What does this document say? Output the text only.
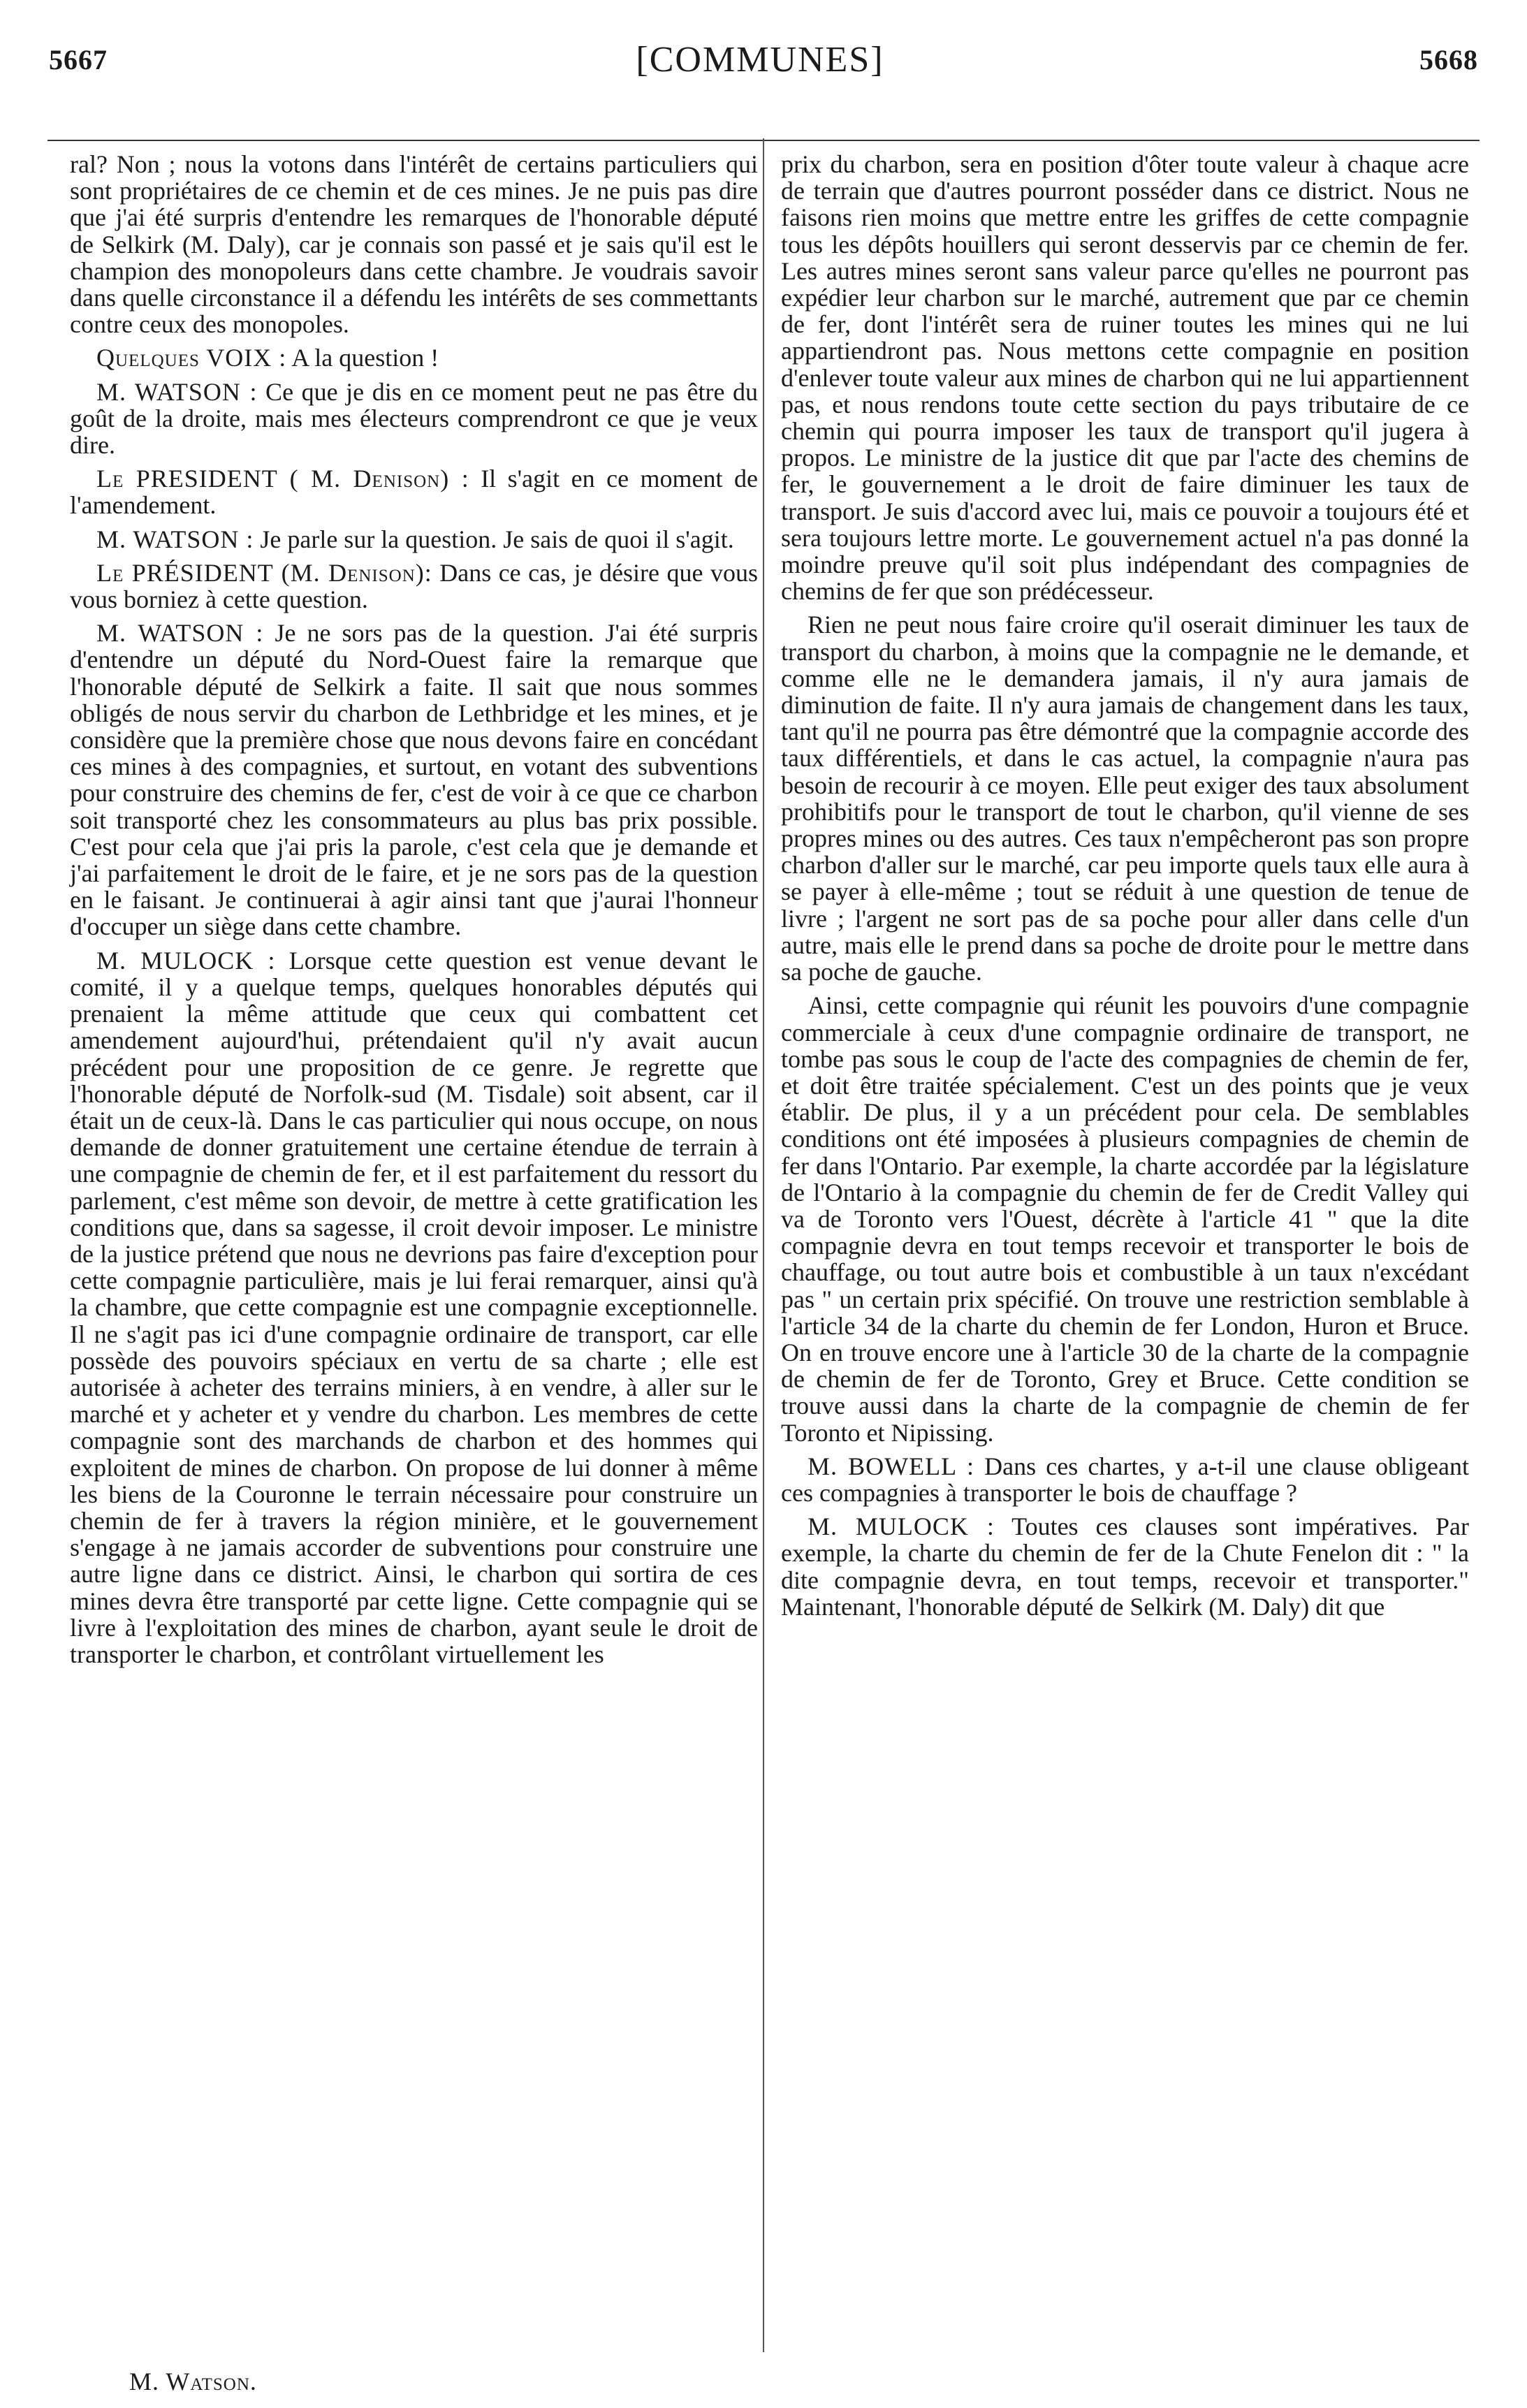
5667	[COMMUNES]	5668

ral? Non ; nous la votons dans l'intérêt de certains particuliers qui sont propriétaires de ce chemin et de ces mines. Je ne puis pas dire que j'ai été surpris d'entendre les remarques de l'honorable député de Selkirk (M. Daly), car je connais son passé et je sais qu'il est le champion des monopoleurs dans cette chambre. Je voudrais savoir dans quelle circonstance il a défendu les intérêts de ses commettants contre ceux des monopoles.

Quelques VOIX : A la question !

M. WATSON : Ce que je dis en ce moment peut ne pas être du goût de la droite, mais mes électeurs comprendront ce que je veux dire.

Le PRESIDENT ( M. Denison) : Il s'agit en ce moment de l'amendement.

M. WATSON : Je parle sur la question. Je sais de quoi il s'agit.

Le PRÉSIDENT (M. Denison): Dans ce cas, je désire que vous vous borniez à cette question.

M. WATSON : Je ne sors pas de la question. J'ai été surpris d'entendre un député du Nord-Ouest faire la remarque que l'honorable député de Selkirk a faite. Il sait que nous sommes obligés de nous servir du charbon de Lethbridge et les mines, et je considère que la première chose que nous devons faire en concédant ces mines à des compagnies, et surtout, en votant des subventions pour construire des chemins de fer, c'est de voir à ce que ce charbon soit transporté chez les consommateurs au plus bas prix possible. C'est pour cela que j'ai pris la parole, c'est cela que je demande et j'ai parfaitement le droit de le faire, et je ne sors pas de la question en le faisant. Je continuerai à agir ainsi tant que j'aurai l'honneur d'occuper un siège dans cette chambre.

M. MULOCK : Lorsque cette question est venue devant le comité, il y a quelque temps, quelques honorables députés qui prenaient la même attitude que ceux qui combattent cet amendement aujourd'hui, prétendaient qu'il n'y avait aucun précédent pour une proposition de ce genre. Je regrette que l'honorable député de Norfolk-sud (M. Tisdale) soit absent, car il était un de ceux-là. Dans le cas particulier qui nous occupe, on nous demande de donner gratuitement une certaine étendue de terrain à une compagnie de chemin de fer, et il est parfaitement du ressort du parlement, c'est même son devoir, de mettre à cette gratification les conditions que, dans sa sagesse, il croit devoir imposer. Le ministre de la justice prétend que nous ne devrions pas faire d'exception pour cette compagnie particulière, mais je lui ferai remarquer, ainsi qu'à la chambre, que cette compagnie est une compagnie exceptionnelle. Il ne s'agit pas ici d'une compagnie ordinaire de transport, car elle possède des pouvoirs spéciaux en vertu de sa charte ; elle est autorisée à acheter des terrains miniers, à en vendre, à aller sur le marché et y acheter et y vendre du charbon. Les membres de cette compagnie sont des marchands de charbon et des hommes qui exploitent de mines de charbon. On propose de lui donner à même les biens de la Couronne le terrain nécessaire pour construire un chemin de fer à travers la région minière, et le gouvernement s'engage à ne jamais accorder de subventions pour construire une autre ligne dans ce district. Ainsi, le charbon qui sortira de ces mines devra être transporté par cette ligne. Cette compagnie qui se livre à l'exploitation des mines de charbon, ayant seule le droit de transporter le charbon, et contrôlant virtuellement les

prix du charbon, sera en position d'ôter toute valeur à chaque acre de terrain que d'autres pourront posséder dans ce district. Nous ne faisons rien moins que mettre entre les griffes de cette compagnie tous les dépôts houillers qui seront desservis par ce chemin de fer. Les autres mines seront sans valeur parce qu'elles ne pourront pas expédier leur charbon sur le marché, autrement que par ce chemin de fer, dont l'intérêt sera de ruiner toutes les mines qui ne lui appartiendront pas. Nous mettons cette compagnie en position d'enlever toute valeur aux mines de charbon qui ne lui appartiennent pas, et nous rendons toute cette section du pays tributaire de ce chemin qui pourra imposer les taux de transport qu'il jugera à propos. Le ministre de la justice dit que par l'acte des chemins de fer, le gouvernement a le droit de faire diminuer les taux de transport. Je suis d'accord avec lui, mais ce pouvoir a toujours été et sera toujours lettre morte. Le gouvernement actuel n'a pas donné la moindre preuve qu'il soit plus indépendant des compagnies de chemins de fer que son prédécesseur.

Rien ne peut nous faire croire qu'il oserait diminuer les taux de transport du charbon, à moins que la compagnie ne le demande, et comme elle ne le demandera jamais, il n'y aura jamais de diminution de faite. Il n'y aura jamais de changement dans les taux, tant qu'il ne pourra pas être démontré que la compagnie accorde des taux différentiels, et dans le cas actuel, la compagnie n'aura pas besoin de recourir à ce moyen. Elle peut exiger des taux absolument prohibitifs pour le transport de tout le charbon, qu'il vienne de ses propres mines ou des autres. Ces taux n'empêcheront pas son propre charbon d'aller sur le marché, car peu importe quels taux elle aura à se payer à elle-même ; tout se réduit à une question de tenue de livre ; l'argent ne sort pas de sa poche pour aller dans celle d'un autre, mais elle le prend dans sa poche de droite pour le mettre dans sa poche de gauche.

Ainsi, cette compagnie qui réunit les pouvoirs d'une compagnie commerciale à ceux d'une compagnie ordinaire de transport, ne tombe pas sous le coup de l'acte des compagnies de chemin de fer, et doit être traitée spécialement. C'est un des points que je veux établir. De plus, il y a un précédent pour cela. De semblables conditions ont été imposées à plusieurs compagnies de chemin de fer dans l'Ontario. Par exemple, la charte accordée par la législature de l'Ontario à la compagnie du chemin de fer de Credit Valley qui va de Toronto vers l'Ouest, décrète à l'article 41 " que la dite compagnie devra en tout temps recevoir et transporter le bois de chauffage, ou tout autre bois et combustible à un taux n'excédant pas " un certain prix spécifié. On trouve une restriction semblable à l'article 34 de la charte du chemin de fer London, Huron et Bruce. On en trouve encore une à l'article 30 de la charte de la compagnie de chemin de fer de Toronto, Grey et Bruce. Cette condition se trouve aussi dans la charte de la compagnie de chemin de fer Toronto et Nipissing.

M. BOWELL : Dans ces chartes, y a-t-il une clause obligeant ces compagnies à transporter le bois de chauffage ?

M. MULOCK : Toutes ces clauses sont impératives. Par exemple, la charte du chemin de fer de la Chute Fenelon dit : " la dite compagnie devra, en tout temps, recevoir et transporter." Maintenant, l'honorable député de Selkirk (M. Daly) dit que

M. Watson.
